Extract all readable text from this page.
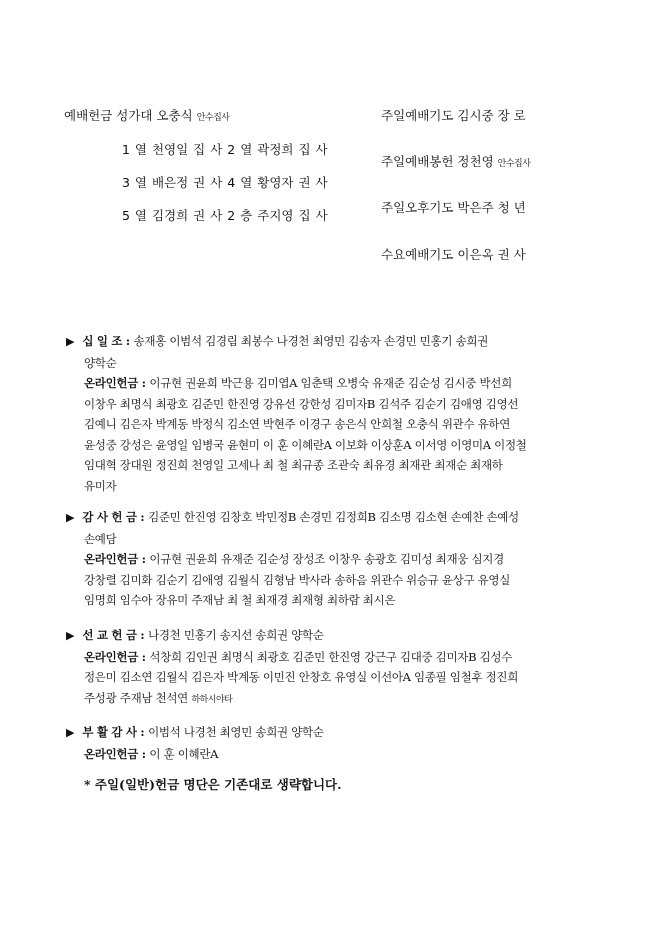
예배헌금 성가대 오충식 안수집사
1 열 천영일 집 사 2 열 곽정희 집 사
3 열 배은정 권 사 4 열 황영자 권 사
5 열 김경희 권 사 2 층 주지영 집 사
주일예배기도 김시중 장 로
주일예배봉헌 정천영 안수집사
주일오후기도 박은주 청 년
수요예배기도 이은옥 권 사
▶ 십 일 조 : 송재홍 이범석 김경림 최봉수 나경천 최영민 김송자 손경민 민홍기 송희권
양학순
온라인헌금 : 이규현 권윤희 박근용 김미엽A 임춘택 오병숙 유재준 김순성 김시중 박선희
이창우 최명식 최광호 김준민 한진영 강유선 강한성 김미자B 김석주 김순기 김애영 김영선
김예니 김은자 박계동 박정식 김소연 박현주 이경구 송은식 안희철 오충식 위관수 유하연
윤성중 강성은 윤영일 임병국 윤현미 이 훈 이혜란A 이보화 이상훈A 이서영 이영미A 이정철
임대혁 장대원 정진희 천영일 고세나 최 철 최규종 조관숙 최유경 최재관 최재순 최재하
유미자
▶ 감 사 헌 금 : 김준민 한진영 김창호 박민정B 손경민 김정희B 김소명 김소현 손예찬 손예성
손예담
온라인헌금 : 이규현 권윤희 유재준 김순성 장성조 이창우 송광호 김미성 최재웅 심지경
강창렬 김미화 김순기 김애영 김월식 김형남 박사라 송하음 위관수 위승규 윤상구 유영실
임명희 임수아 장유미 주재남 최 철 최재경 최재형 최하람 최시온
▶ 선 교 헌 금 : 나경천 민홍기 송지선 송희권 양학순
온라인헌금 : 석창희 김인권 최명식 최광호 김준민 한진영 강근구 김대중 김미자B 김성수
정은미 김소연 김월식 김은자 박계동 이민진 안창호 유영실 이선아A 임종필 임철후 정진희
주성광 주재남 천석연 하하시야타
▶ 부 활 감 사 : 이범석 나경천 최영민 송희권 양학순
온라인헌금 : 이 훈 이혜란A
* 주일(일반)헌금 명단은 기존대로 생략합니다.
